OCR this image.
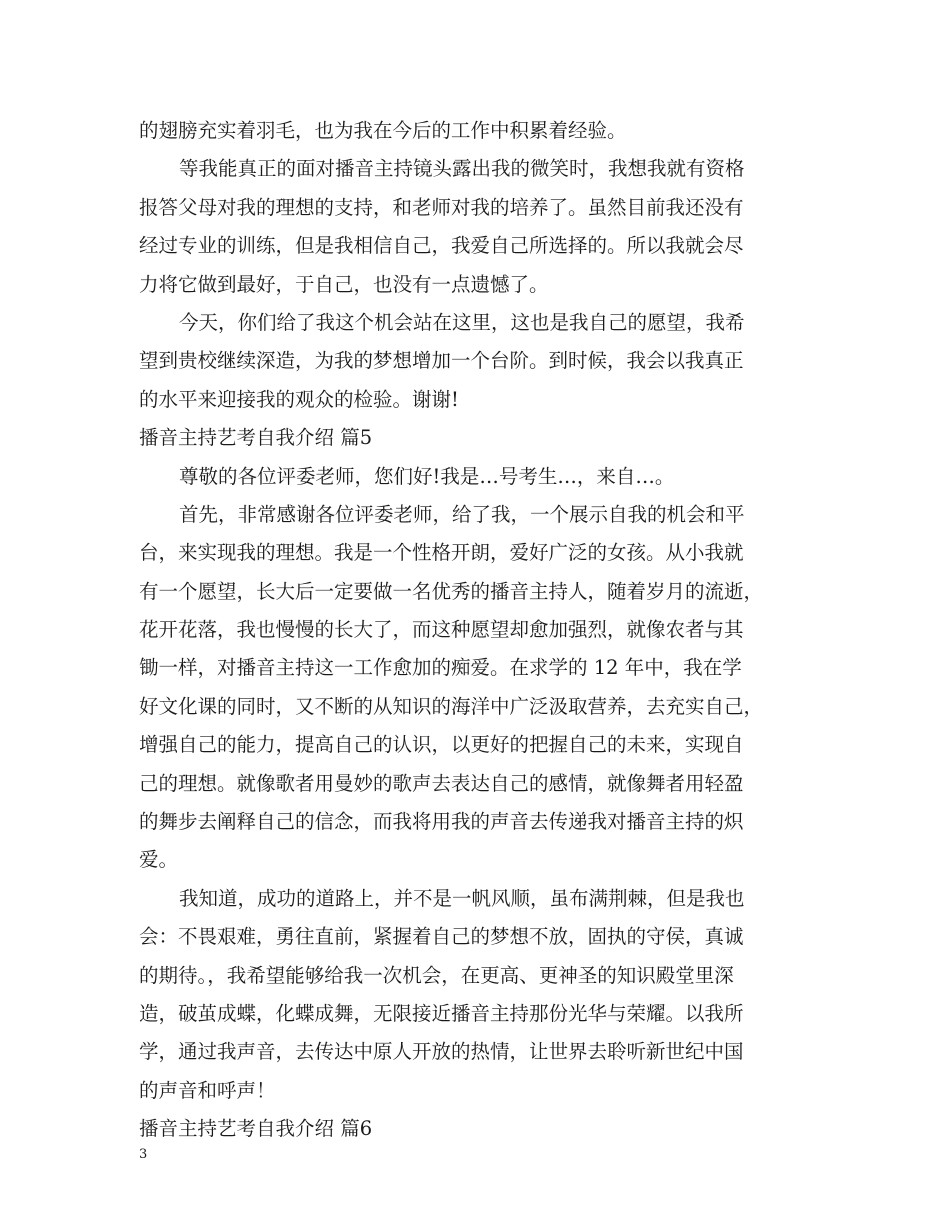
的翅膀充实着羽毛，也为我在今后的工作中积累着经验。
等我能真正的面对播音主持镜头露出我的微笑时，我想我就有资格
报答父母对我的理想的支持，和老师对我的培养了。虽然目前我还没有
经过专业的训练，但是我相信自己，我爱自己所选择的。所以我就会尽
力将它做到最好，于自己，也没有一点遗憾了。
今天，你们给了我这个机会站在这里，这也是我自己的愿望，我希
望到贵校继续深造，为我的梦想增加一个台阶。到时候，我会以我真正
的水平来迎接我的观众的检验。谢谢!
播音主持艺考自我介绍 篇5
尊敬的各位评委老师，您们好!我是…号考生…，来自…。
首先，非常感谢各位评委老师，给了我，一个展示自我的机会和平
台，来实现我的理想。我是一个性格开朗，爱好广泛的女孩。从小我就
有一个愿望，长大后一定要做一名优秀的播音主持人，随着岁月的流逝，
花开花落，我也慢慢的长大了，而这种愿望却愈加强烈，就像农者与其
锄一样，对播音主持这一工作愈加的痴爱。在求学的 12 年中，我在学
好文化课的同时，又不断的从知识的海洋中广泛汲取营养，去充实自己，
增强自己的能力，提高自己的认识，以更好的把握自己的未来，实现自
己的理想。就像歌者用曼妙的歌声去表达自己的感情，就像舞者用轻盈
的舞步去阐释自己的信念，而我将用我的声音去传递我对播音主持的炽
爱。
我知道，成功的道路上，并不是一帆风顺，虽布满荆棘，但是我也
会：不畏艰难，勇往直前，紧握着自己的梦想不放，固执的守侯，真诚
的期待。，我希望能够给我一次机会，在更高、更神圣的知识殿堂里深
造，破茧成蝶，化蝶成舞，无限接近播音主持那份光华与荣耀。以我所
学，通过我声音，去传达中原人开放的热情，让世界去聆听新世纪中国
的声音和呼声！
播音主持艺考自我介绍 篇6
3
